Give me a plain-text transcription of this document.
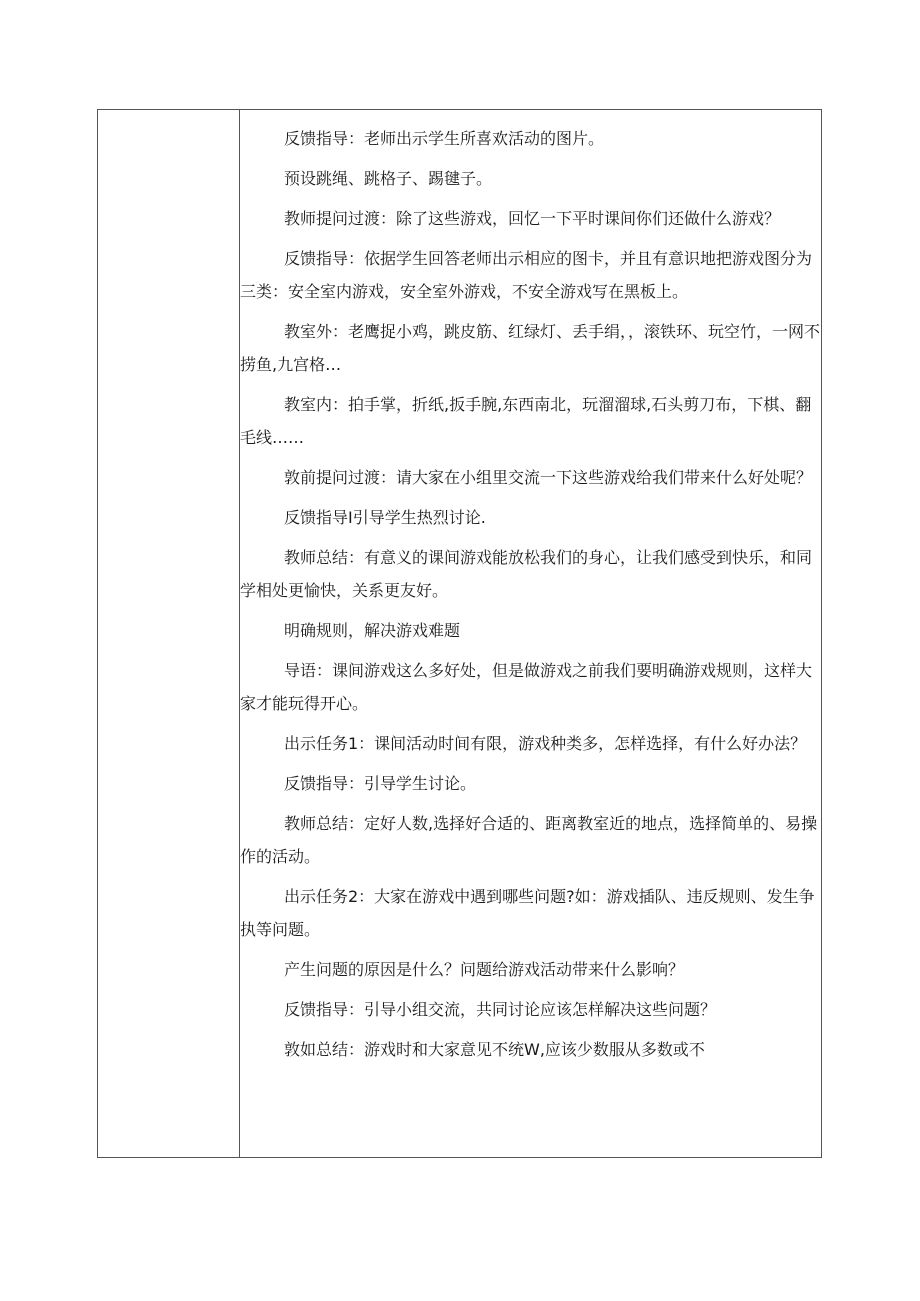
反馈指导：老师出示学生所喜欢活动的图片。

预设跳绳、跳格子、踢毽子。

教师提问过渡：除了这些游戏，回忆一下平时课间你们还做什么游戏？

反馈指导：依据学生回答老师出示相应的图卡，并且有意识地把游戏图分为三类：安全室内游戏，安全室外游戏，不安全游戏写在黑板上。

教室外：老鹰捉小鸡，跳皮筋、红绿灯、丢手绢，，滚铁环、玩空竹，一网不捞鱼,九宫格…

教室内：拍手掌，折纸,扳手腕,东西南北，玩溜溜球,石头剪刀布，下棋、翻毛线……

敦前提问过渡：请大家在小组里交流一下这些游戏给我们带来什么好处呢？

反馈指导I引导学生热烈讨论.

教师总结：有意义的课间游戏能放松我们的身心，让我们感受到快乐，和同学相处更愉快，关系更友好。

明确规则，解决游戏难题

导语：课间游戏这么多好处，但是做游戏之前我们要明确游戏规则，这样大家才能玩得开心。

出示任务1：课间活动时间有限，游戏种类多，怎样选择，有什么好办法？

反馈指导：引导学生讨论。

教师总结：定好人数,选择好合适的、距离教室近的地点，选择简单的、易操作的活动。

出示任务2：大家在游戏中遇到哪些问题?如：游戏插队、违反规则、发生争执等问题。

产生问题的原因是什么？问题给游戏活动带来什么影响？

反馈指导：引导小组交流，共同讨论应该怎样解决这些问题？

敦如总结：游戏时和大家意见不统W,应该少数服从多数或不
